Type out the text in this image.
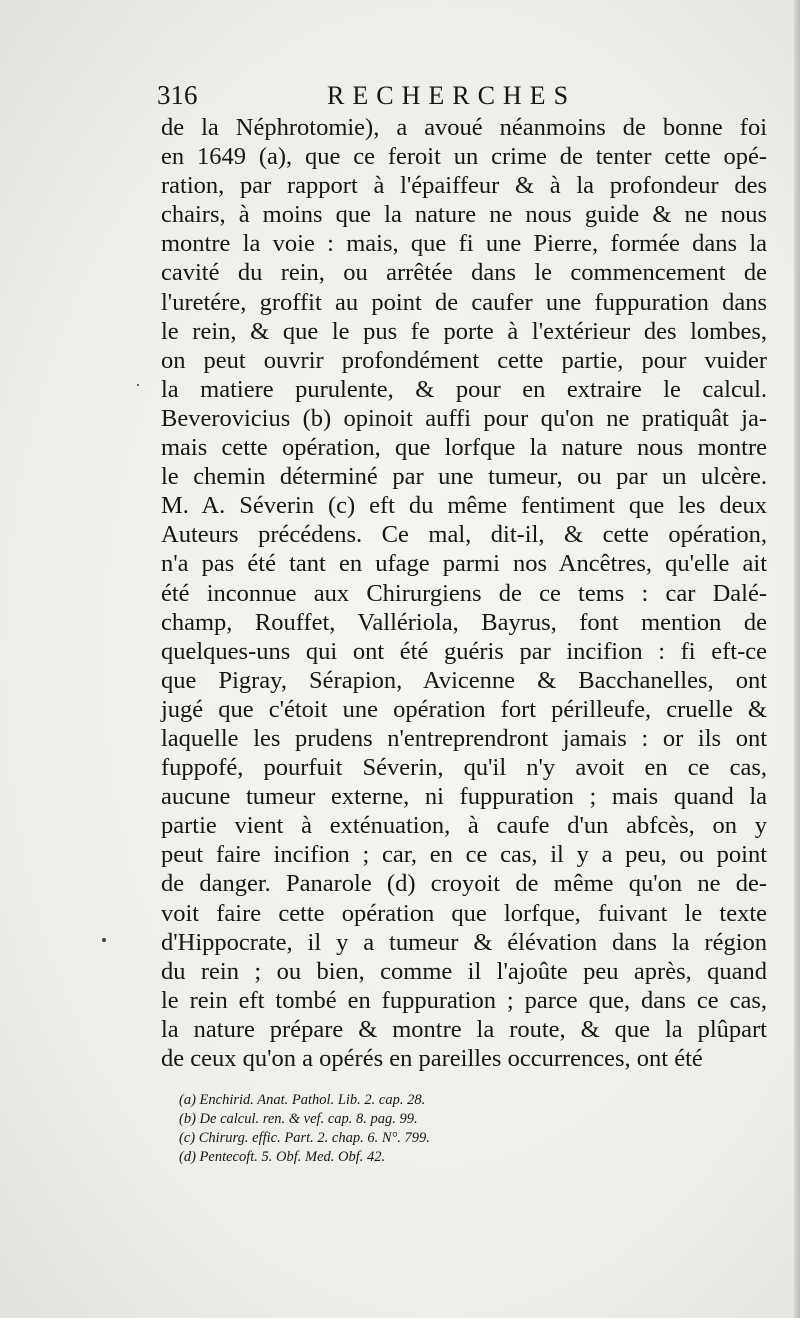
316	RECHERCHES
de la Néphrotomie), a avoué néanmoins de bonne foi
en 1649 (a), que ce feroit un crime de tenter cette opé-
ration, par rapport à l'épaiffeur & à la profondeur des
chairs, à moins que la nature ne nous guide & ne nous
montre la voie : mais, que fi une Pierre, formée dans la
cavité du rein, ou arrêtée dans le commencement de
l'uretére, groffit au point de caufer une fuppuration dans
le rein, & que le pus fe porte à l'extérieur des lombes,
on peut ouvrir profondément cette partie, pour vuider
la matiere purulente, & pour en extraire le calcul.
Beverovicius (b) opinoit auffi pour qu'on ne pratiquât ja-
mais cette opération, que lorfque la nature nous montre
le chemin déterminé par une tumeur, ou par un ulcère.
M. A. Séverin (c) eft du même fentiment que les deux
Auteurs précédens. Ce mal, dit-il, & cette opération,
n'a pas été tant en ufage parmi nos Ancêtres, qu'elle ait
été inconnue aux Chirurgiens de ce tems : car Dalé-
champ, Rouffet, Vallériola, Bayrus, font mention de
quelques-uns qui ont été guéris par incifion : fi eft-ce
que Pigray, Sérapion, Avicenne & Bacchanelles, ont
jugé que c'étoit une opération fort périlleufe, cruelle &
laquelle les prudens n'entreprendront jamais : or ils ont
fuppofé, pourfuit Séverin, qu'il n'y avoit en ce cas,
aucune tumeur externe, ni fuppuration ; mais quand la
partie vient à exténuation, à caufe d'un abfcès, on y
peut faire incifion ; car, en ce cas, il y a peu, ou point
de danger. Panarole (d) croyoit de même qu'on ne de-
voit faire cette opération que lorfque, fuivant le texte
d'Hippocrate, il y a tumeur & élévation dans la région
du rein ; ou bien, comme il l'ajoûte peu après, quand
le rein eft tombé en fuppuration ; parce que, dans ce cas,
la nature prépare & montre la route, & que la plûpart
de ceux qu'on a opérés en pareilles occurrences, ont été
(a) Enchirid. Anat. Pathol. Lib. 2. cap. 28.
(b) De calcul. ren. & vef. cap. 8. pag. 99.
(c) Chirurg. effic. Part. 2. chap. 6. N°. 799.
(d) Pentecoft. 5. Obf. Med. Obf. 42.
